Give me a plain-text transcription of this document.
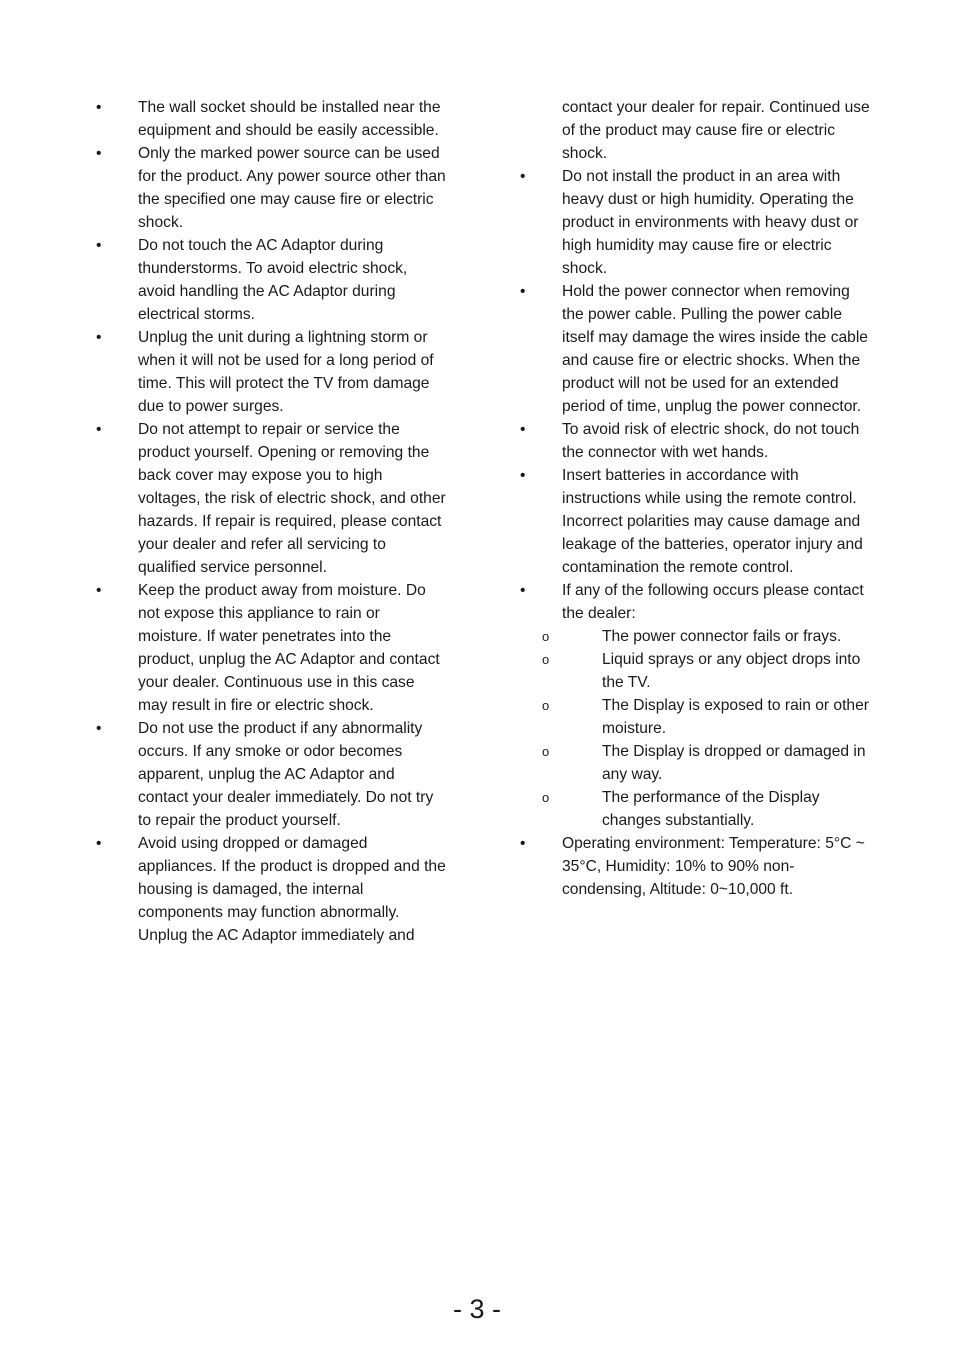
• The wall socket should be installed near the equipment and should be easily accessible.
• Only the marked power source can be used for the product. Any power source other than the specified one may cause fire or electric shock.
• Do not touch the AC Adaptor during thunderstorms. To avoid electric shock, avoid handling the AC Adaptor during electrical storms.
• Unplug the unit during a lightning storm or when it will not be used for a long period of time. This will protect the TV from damage due to power surges.
• Do not attempt to repair or service the product yourself. Opening or removing the back cover may expose you to high voltages, the risk of electric shock, and other hazards. If repair is required, please contact your dealer and refer all servicing to qualified service personnel.
• Keep the product away from moisture. Do not expose this appliance to rain or moisture. If water penetrates into the product, unplug the AC Adaptor and contact your dealer. Continuous use in this case may result in fire or electric shock.
• Do not use the product if any abnormality occurs. If any smoke or odor becomes apparent, unplug the AC Adaptor and contact your dealer immediately. Do not try to repair the product yourself.
• Avoid using dropped or damaged appliances. If the product is dropped and the housing is damaged, the internal components may function abnormally. Unplug the AC Adaptor immediately and
contact your dealer for repair. Continued use of the product may cause fire or electric shock.
• Do not install the product in an area with heavy dust or high humidity. Operating the product in environments with heavy dust or high humidity may cause fire or electric shock.
• Hold the power connector when removing the power cable. Pulling the power cable itself may damage the wires inside the cable and cause fire or electric shocks. When the product will not be used for an extended period of time, unplug the power connector.
• To avoid risk of electric shock, do not touch the connector with wet hands.
• Insert batteries in accordance with instructions while using the remote control. Incorrect polarities may cause damage and leakage of the batteries, operator injury and contamination the remote control.
• If any of the following occurs please contact the dealer:
o	The power connector fails or frays.
o	Liquid sprays or any object drops into the TV.
o	The Display is exposed to rain or other moisture.
o	The Display is dropped or damaged in any way.
o	The performance of the Display changes substantially.
• Operating environment: Temperature: 5°C ~ 35°C, Humidity: 10% to 90% non-condensing, Altitude: 0~10,000 ft.
- 3 -
